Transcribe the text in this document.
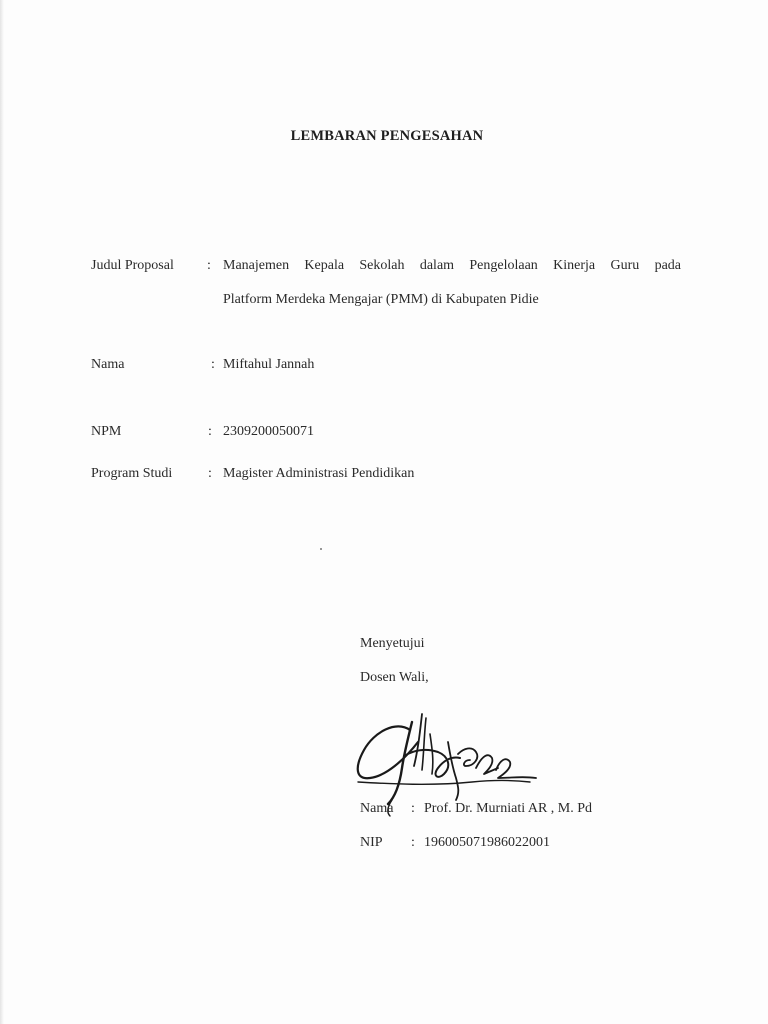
LEMBARAN PENGESAHAN
Judul Proposal : Manajemen Kepala Sekolah dalam Pengelolaan Kinerja Guru pada
Platform Merdeka Mengajar (PMM) di Kabupaten Pidie
Nama	: Miftahul Jannah
NPM	: 2309200050071
Program Studi	: Magister Administrasi Pendidikan
Menyetujui
Dosen Wali,
Nama : Prof. Dr. Murniati AR , M. Pd
NIP : 196005071986022001
